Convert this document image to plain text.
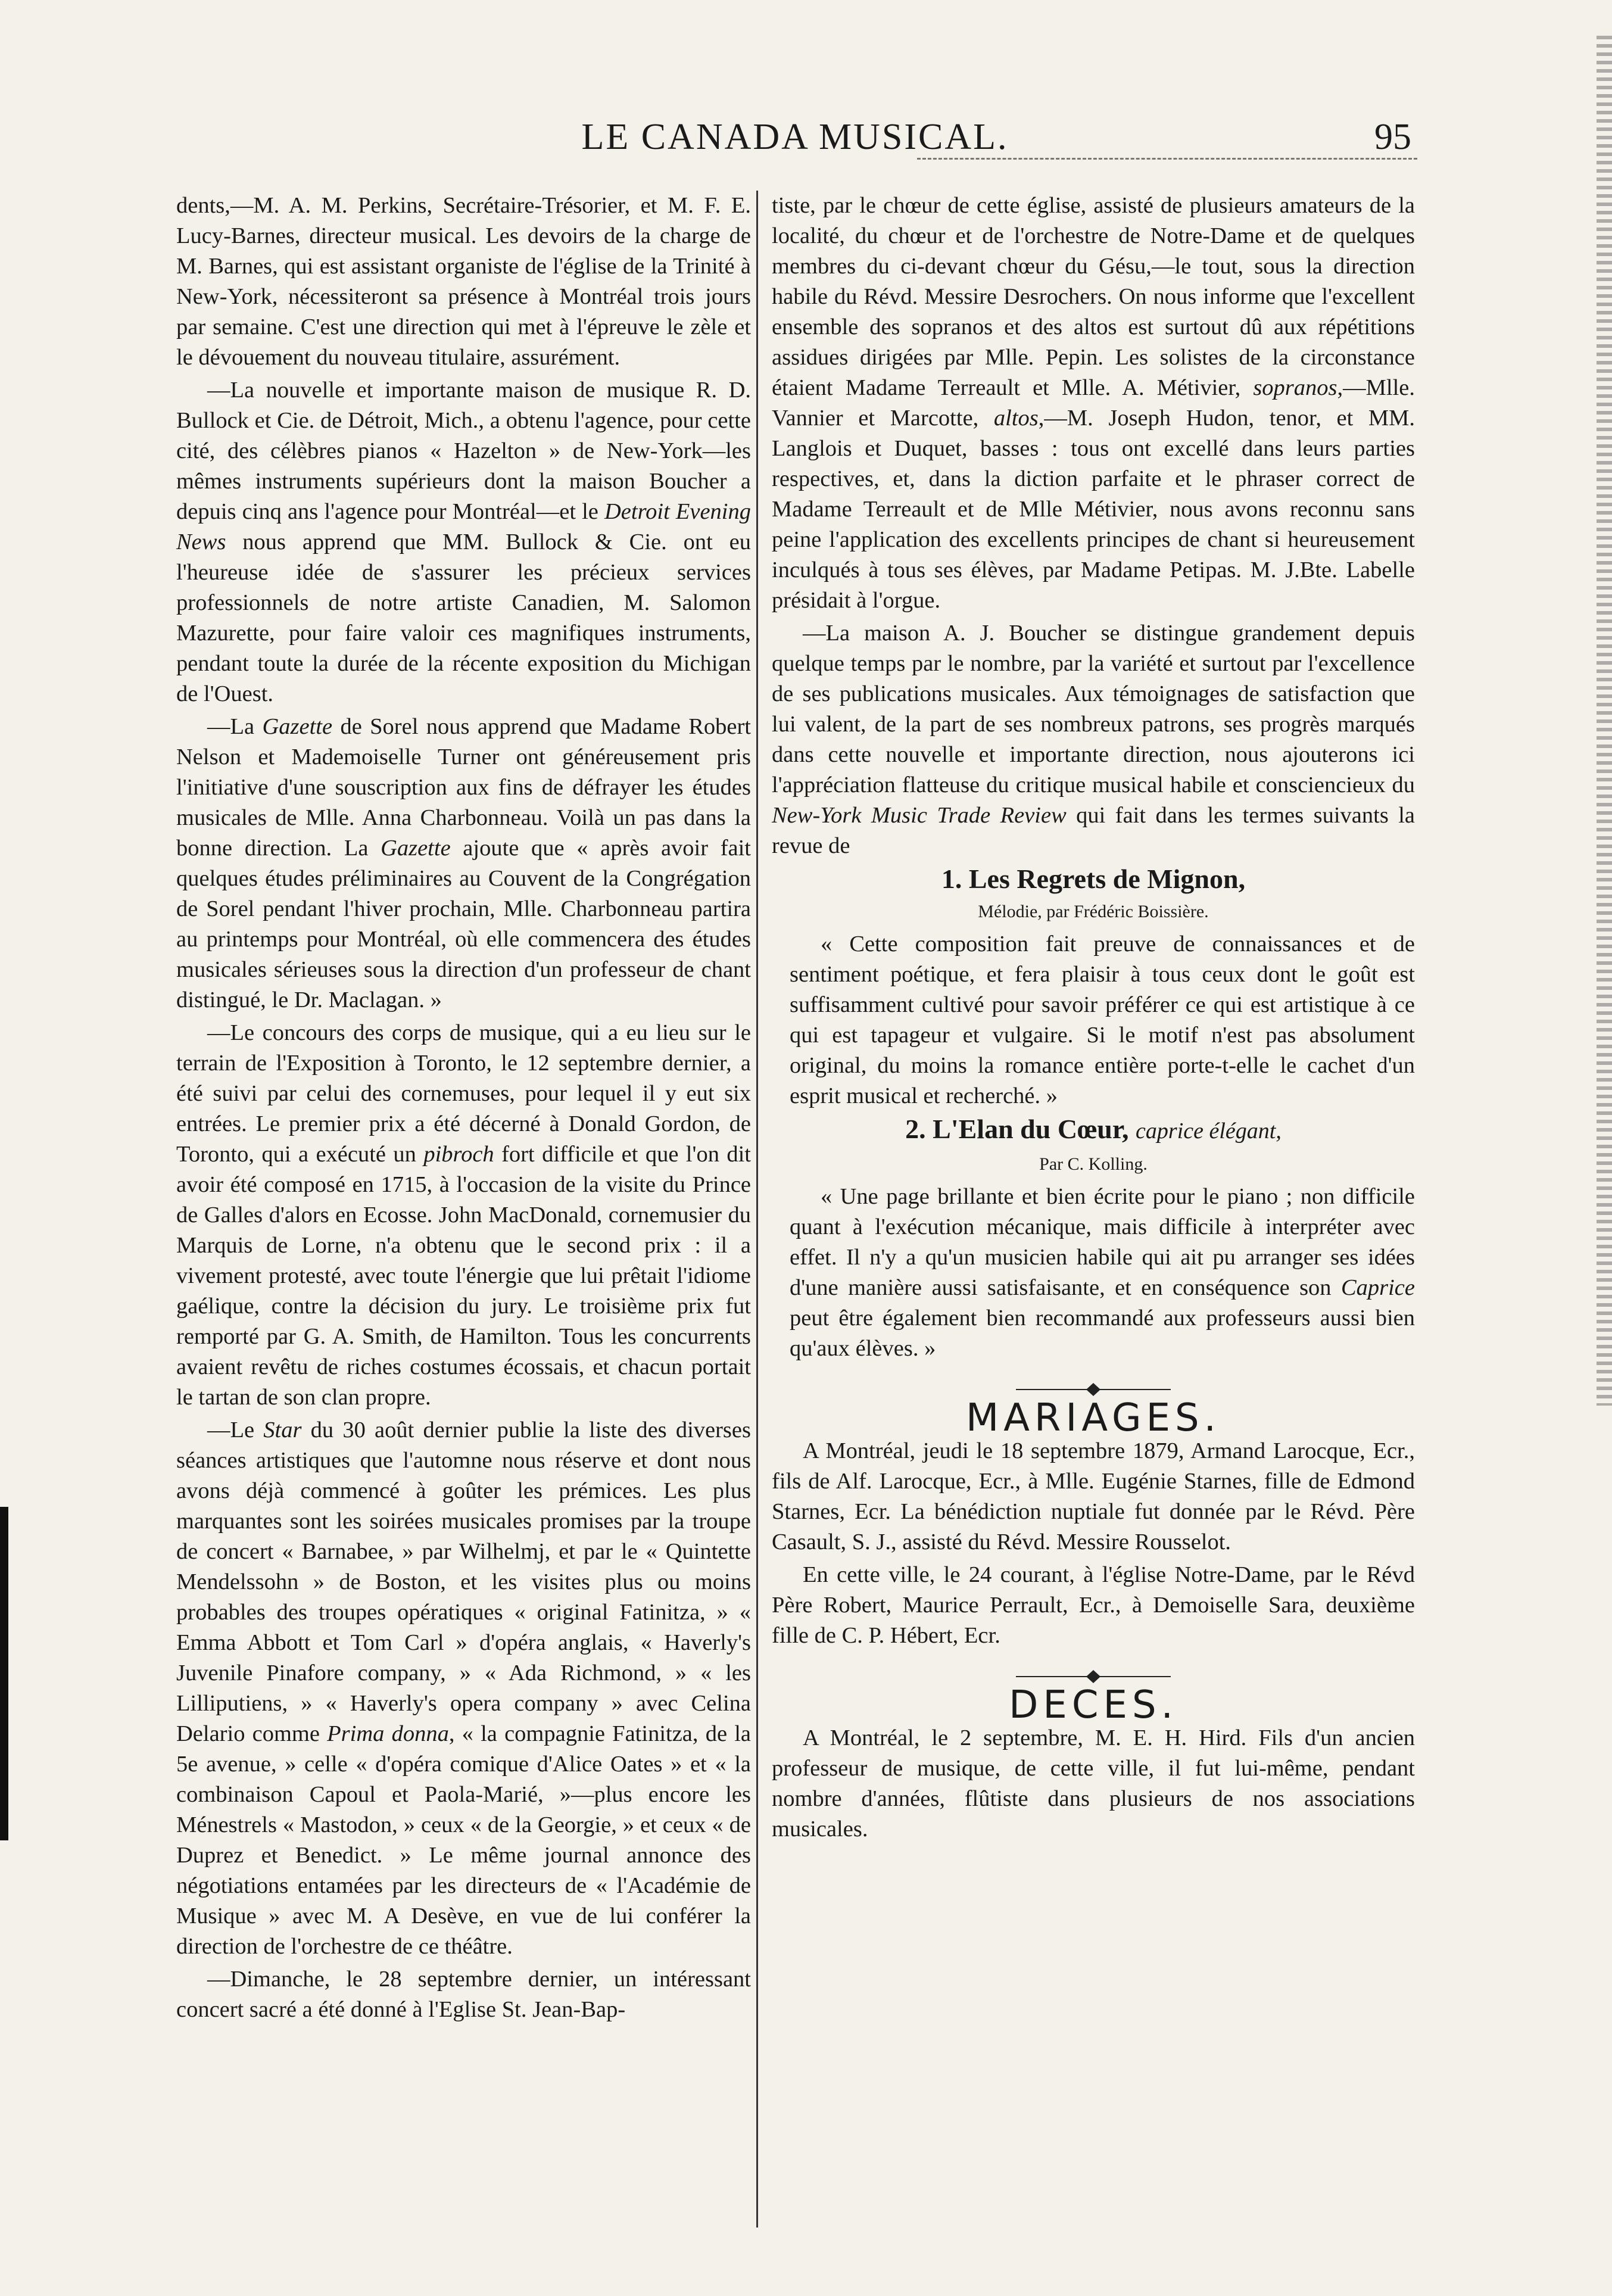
LE CANADA MUSICAL.	95

dents,—M. A. M. Perkins, Secrétaire-Trésorier, et M. F. E. Lucy-Barnes, directeur musical. Les devoirs de la charge de M. Barnes, qui est assistant organiste de l'église de la Trinité à New-York, nécessiteront sa présence à Montréal trois jours par semaine. C'est une direction qui met à l'épreuve le zèle et le dévouement du nouveau titulaire, assurément.

—La nouvelle et importante maison de musique R. D. Bullock et Cie. de Détroit, Mich., a obtenu l'agence, pour cette cité, des célèbres pianos « Hazelton » de New-York—les mêmes instruments supérieurs dont la maison Boucher a depuis cinq ans l'agence pour Montréal—et le Detroit Evening News nous apprend que MM. Bullock & Cie. ont eu l'heureuse idée de s'assurer les précieux services professionnels de notre artiste Canadien, M. Salomon Mazurette, pour faire valoir ces magnifiques instruments, pendant toute la durée de la récente exposition du Michigan de l'Ouest.

—La Gazette de Sorel nous apprend que Madame Robert Nelson et Mademoiselle Turner ont généreusement pris l'initiative d'une souscription aux fins de défrayer les études musicales de Mlle. Anna Charbonneau. Voilà un pas dans la bonne direction. La Gazette ajoute que « après avoir fait quelques études préliminaires au Couvent de la Congrégation de Sorel pendant l'hiver prochain, Mlle. Charbonneau partira au printemps pour Montréal, où elle commencera des études musicales sérieuses sous la direction d'un professeur de chant distingué, le Dr. Maclagan. »

—Le concours des corps de musique, qui a eu lieu sur le terrain de l'Exposition à Toronto, le 12 septembre dernier, a été suivi par celui des cornemuses, pour lequel il y eut six entrées. Le premier prix a été décerné à Donald Gordon, de Toronto, qui a exécuté un pibroch fort difficile et que l'on dit avoir été composé en 1715, à l'occasion de la visite du Prince de Galles d'alors en Ecosse. John MacDonald, cornemusier du Marquis de Lorne, n'a obtenu que le second prix : il a vivement protesté, avec toute l'énergie que lui prêtait l'idiome gaélique, contre la décision du jury. Le troisième prix fut remporté par G. A. Smith, de Hamilton. Tous les concurrents avaient revêtu de riches costumes écossais, et chacun portait le tartan de son clan propre.

—Le Star du 30 août dernier publie la liste des diverses séances artistiques que l'automne nous réserve et dont nous avons déjà commencé à goûter les prémices. Les plus marquantes sont les soirées musicales promises par la troupe de concert « Barnabee, » par Wilhelmj, et par le « Quintette Mendelssohn » de Boston, et les visites plus ou moins probables des troupes opératiques « original Fatinitza, » « Emma Abbott et Tom Carl » d'opéra anglais, « Haverly's Juvenile Pinafore company, » « Ada Richmond, » « les Lilliputiens, » « Haverly's opera company » avec Celina Delario comme Prima donna, « la compagnie Fatinitza, de la 5e avenue, » celle « d'opéra comique d'Alice Oates » et « la combinaison Capoul et Paola-Marié, »—plus encore les Ménestrels « Mastodon, » ceux « de la Georgie, » et ceux « de Duprez et Benedict. » Le même journal annonce des négotiations entamées par les directeurs de « l'Académie de Musique » avec M. A Desève, en vue de lui conférer la direction de l'orchestre de ce théâtre.

—Dimanche, le 28 septembre dernier, un intéressant concert sacré a été donné à l'Eglise St. Jean-Bap-

tiste, par le chœur de cette église, assisté de plusieurs amateurs de la localité, du chœur et de l'orchestre de Notre-Dame et de quelques membres du ci-devant chœur du Gésu,—le tout, sous la direction habile du Révd. Messire Desrochers. On nous informe que l'excellent ensemble des sopranos et des altos est surtout dû aux répétitions assidues dirigées par Mlle. Pepin. Les solistes de la circonstance étaient Madame Terreault et Mlle. A. Métivier, sopranos,—Mlle. Vannier et Marcotte, altos,—M. Joseph Hudon, tenor, et MM. Langlois et Duquet, basses : tous ont excellé dans leurs parties respectives, et, dans la diction parfaite et le phraser correct de Madame Terreault et de Mlle Métivier, nous avons reconnu sans peine l'application des excellents principes de chant si heureusement inculqués à tous ses élèves, par Madame Petipas. M. J.Bte. Labelle présidait à l'orgue.

—La maison A. J. Boucher se distingue grandement depuis quelque temps par le nombre, par la variété et surtout par l'excellence de ses publications musicales. Aux témoignages de satisfaction que lui valent, de la part de ses nombreux patrons, ses progrès marqués dans cette nouvelle et importante direction, nous ajouterons ici l'appréciation flatteuse du critique musical habile et consciencieux du New-York Music Trade Review qui fait dans les termes suivants la revue de

1. Les Regrets de Mignon,

Mélodie, par Frédéric Boissière.

« Cette composition fait preuve de connaissances et de sentiment poétique, et fera plaisir à tous ceux dont le goût est suffisamment cultivé pour savoir préférer ce qui est artistique à ce qui est tapageur et vulgaire. Si le motif n'est pas absolument original, du moins la romance entière porte-t-elle le cachet d'un esprit musical et recherché. »

2. L'Elan du Cœur, caprice élégant,

Par C. Kolling.

« Une page brillante et bien écrite pour le piano ; non difficile quant à l'exécution mécanique, mais difficile à interpréter avec effet. Il n'y a qu'un musicien habile qui ait pu arranger ses idées d'une manière aussi satisfaisante, et en conséquence son Caprice peut être également bien recommandé aux professeurs aussi bien qu'aux élèves. »

MARIAGES.

A Montréal, jeudi le 18 septembre 1879, Armand Larocque, Ecr., fils de Alf. Larocque, Ecr., à Mlle. Eugénie Starnes, fille de Edmond Starnes, Ecr. La bénédiction nuptiale fut donnée par le Révd. Père Casault, S. J., assisté du Révd. Messire Rousselot.

En cette ville, le 24 courant, à l'église Notre-Dame, par le Révd Père Robert, Maurice Perrault, Ecr., à Demoiselle Sara, deuxième fille de C. P. Hébert, Ecr.

DECES.

A Montréal, le 2 septembre, M. E. H. Hird. Fils d'un ancien professeur de musique, de cette ville, il fut lui-même, pendant nombre d'années, flûtiste dans plusieurs de nos associations musicales.
